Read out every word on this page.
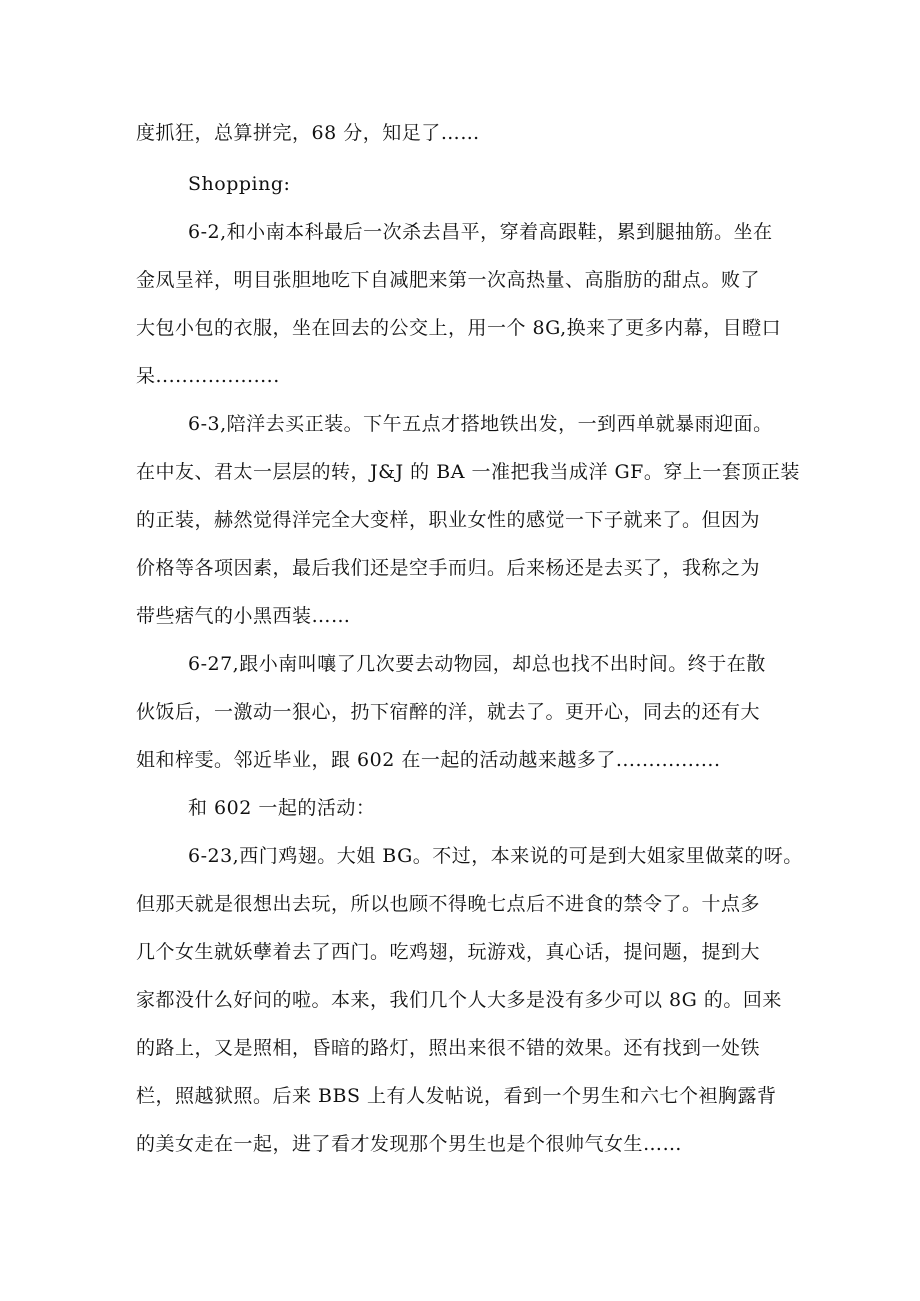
度抓狂，总算拼完，68 分，知足了……
Shopping:
6-2,和小南本科最后一次杀去昌平，穿着高跟鞋，累到腿抽筋。坐在
金凤呈祥，明目张胆地吃下自减肥来第一次高热量、高脂肪的甜点。败了
大包小包的衣服，坐在回去的公交上，用一个 8G,换来了更多内幕，目瞪口
呆...................
6-3,陪洋去买正装。下午五点才搭地铁出发，一到西单就暴雨迎面。
在中友、君太一层层的转，J&J 的 BA 一准把我当成洋 GF。穿上一套顶正装
的正装，赫然觉得洋完全大变样，职业女性的感觉一下子就来了。但因为
价格等各项因素，最后我们还是空手而归。后来杨还是去买了，我称之为
带些痞气的小黑西装……
6-27,跟小南叫嚷了几次要去动物园，却总也找不出时间。终于在散
伙饭后，一激动一狠心，扔下宿醉的洋，就去了。更开心，同去的还有大
姐和梓雯。邻近毕业，跟 602 在一起的活动越来越多了................
和 602 一起的活动：
6-23,西门鸡翅。大姐 BG。不过，本来说的可是到大姐家里做菜的呀。
但那天就是很想出去玩，所以也顾不得晚七点后不进食的禁令了。十点多
几个女生就妖孽着去了西门。吃鸡翅，玩游戏，真心话，提问题，提到大
家都没什么好问的啦。本来，我们几个人大多是没有多少可以 8G 的。回来
的路上，又是照相，昏暗的路灯，照出来很不错的效果。还有找到一处铁
栏，照越狱照。后来 BBS 上有人发帖说，看到一个男生和六七个袒胸露背
的美女走在一起，进了看才发现那个男生也是个很帅气女生……
